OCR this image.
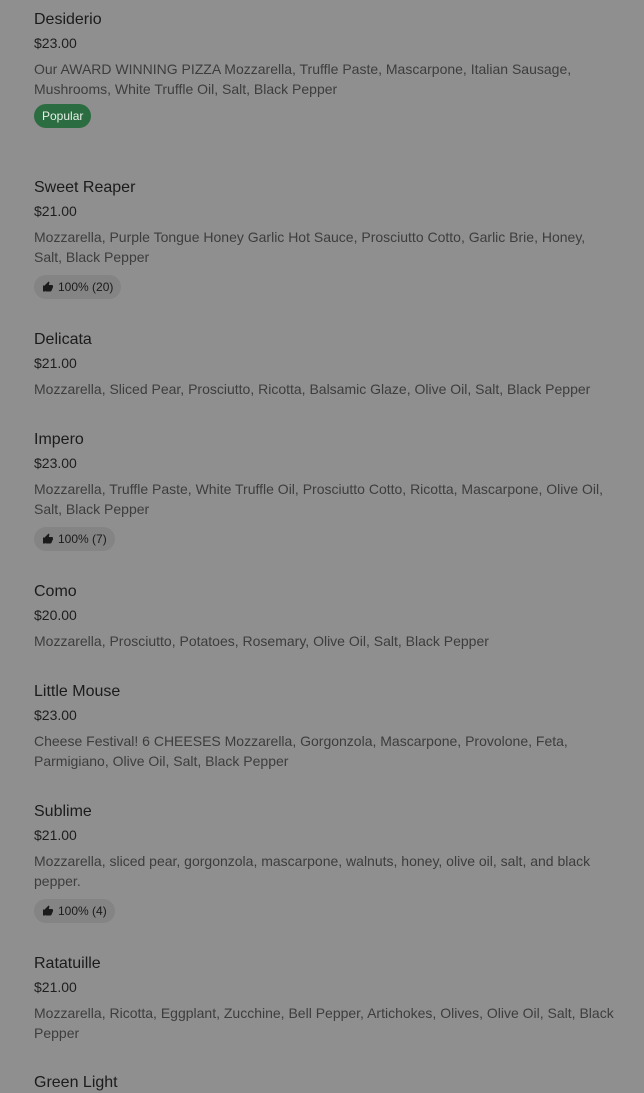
Desiderio
$23.00
Our AWARD WINNING PIZZA Mozzarella, Truffle Paste, Mascarpone, Italian Sausage, Mushrooms, White Truffle Oil, Salt, Black Pepper
Popular
Sweet Reaper
$21.00
Mozzarella, Purple Tongue Honey Garlic Hot Sauce, Prosciutto Cotto, Garlic Brie, Honey, Salt, Black Pepper
100% (20)
Delicata
$21.00
Mozzarella, Sliced Pear, Prosciutto, Ricotta, Balsamic Glaze, Olive Oil, Salt, Black Pepper
Impero
$23.00
Mozzarella, Truffle Paste, White Truffle Oil, Prosciutto Cotto, Ricotta, Mascarpone, Olive Oil, Salt, Black Pepper
100% (7)
Como
$20.00
Mozzarella, Prosciutto, Potatoes, Rosemary, Olive Oil, Salt, Black Pepper
Little Mouse
$23.00
Cheese Festival! 6 CHEESES Mozzarella, Gorgonzola, Mascarpone, Provolone, Feta, Parmigiano, Olive Oil, Salt, Black Pepper
Sublime
$21.00
Mozzarella, sliced pear, gorgonzola, mascarpone, walnuts, honey, olive oil, salt, and black pepper.
100% (4)
Ratatuille
$21.00
Mozzarella, Ricotta, Eggplant, Zucchine, Bell Pepper, Artichokes, Olives, Olive Oil, Salt, Black Pepper
Green Light
